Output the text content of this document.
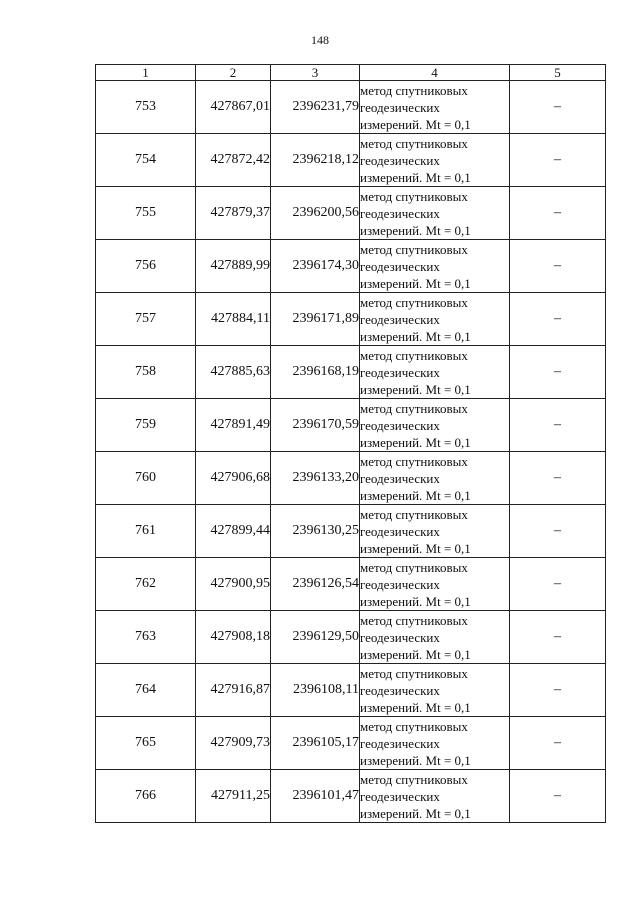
148
1	2	3	4	5
753	427867,01	2396231,79	метод спутниковых
геодезических
измерений. Mt = 0,1	–
754	427872,42	2396218,12	метод спутниковых
геодезических
измерений. Mt = 0,1	–
755	427879,37	2396200,56	метод спутниковых
геодезических
измерений. Mt = 0,1	–
756	427889,99	2396174,30	метод спутниковых
геодезических
измерений. Mt = 0,1	–
757	427884,11	2396171,89	метод спутниковых
геодезических
измерений. Mt = 0,1	–
758	427885,63	2396168,19	метод спутниковых
геодезических
измерений. Mt = 0,1	–
759	427891,49	2396170,59	метод спутниковых
геодезических
измерений. Mt = 0,1	–
760	427906,68	2396133,20	метод спутниковых
геодезических
измерений. Mt = 0,1	–
761	427899,44	2396130,25	метод спутниковых
геодезических
измерений. Mt = 0,1	–
762	427900,95	2396126,54	метод спутниковых
геодезических
измерений. Mt = 0,1	–
763	427908,18	2396129,50	метод спутниковых
геодезических
измерений. Mt = 0,1	–
764	427916,87	2396108,11	метод спутниковых
геодезических
измерений. Mt = 0,1	–
765	427909,73	2396105,17	метод спутниковых
геодезических
измерений. Mt = 0,1	–
766	427911,25	2396101,47	метод спутниковых
геодезических
измерений. Mt = 0,1	–
